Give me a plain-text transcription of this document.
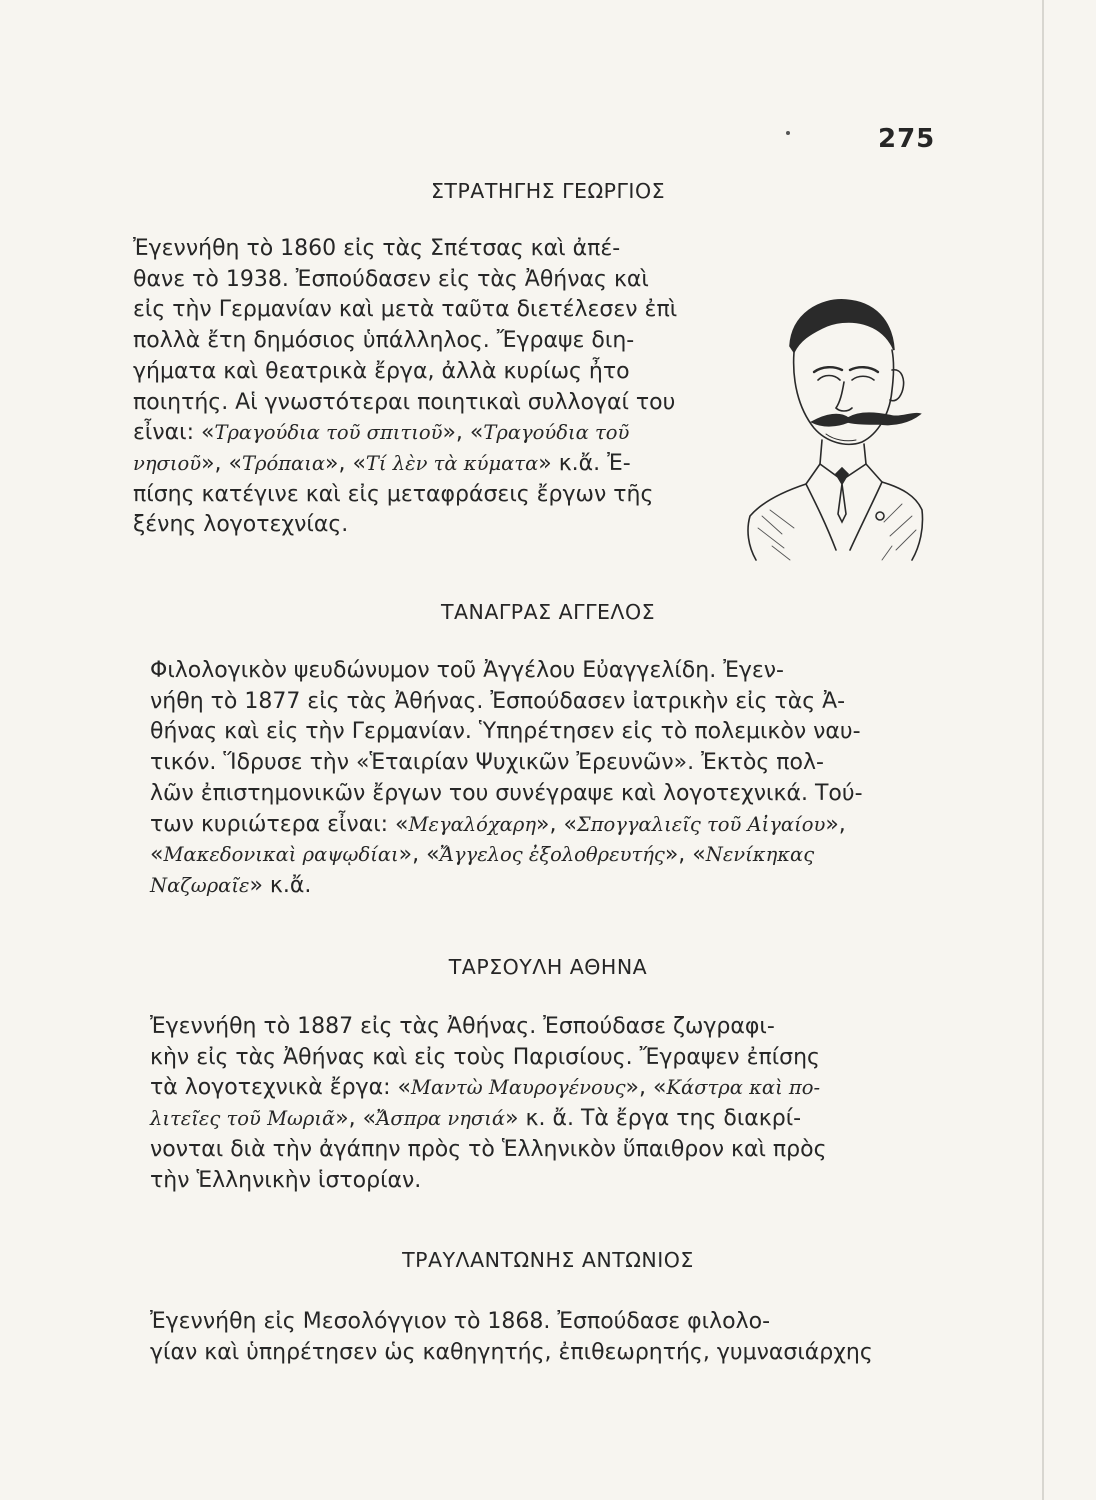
275
ΣΤΡΑΤΗΓΗΣ ΓΕΩΡΓΙΟΣ
Ἐγεννήθη τὸ 1860 εἰς τὰς Σπέτσας καὶ ἀπέ-
θανε τὸ 1938. Ἐσπούδασεν εἰς τὰς Ἀθήνας καὶ
εἰς τὴν Γερμανίαν καὶ μετὰ ταῦτα διετέλεσεν ἐπὶ
πολλὰ ἔτη δημόσιος ὑπάλληλος. Ἔγραψε διη-
γήματα καὶ θεατρικὰ ἔργα, ἀλλὰ κυρίως ἦτο
ποιητής. Αἱ γνωστότεραι ποιητικαὶ συλλογαί του
εἶναι: «Τραγούδια τοῦ σπιτιοῦ», «Τραγούδια τοῦ
νησιοῦ», «Τρόπαια», «Τί λὲν τὰ κύματα» κ.ἄ. Ἐ-
πίσης κατέγινε καὶ εἰς μεταφράσεις ἔργων τῆς
ξένης λογοτεχνίας.
ΤΑΝΑΓΡΑΣ ΑΓΓΕΛΟΣ
Φιλολογικὸν ψευδώνυμον τοῦ Ἀγγέλου Εὐαγγελίδη. Ἐγεν-
νήθη τὸ 1877 εἰς τὰς Ἀθήνας. Ἐσπούδασεν ἰατρικὴν εἰς τὰς Ἀ-
θήνας καὶ εἰς τὴν Γερμανίαν. Ὑπηρέτησεν εἰς τὸ πολεμικὸν ναυ-
τικόν. Ἵδρυσε τὴν «Ἑταιρίαν Ψυχικῶν Ἐρευνῶν». Ἐκτὸς πολ-
λῶν ἐπιστημονικῶν ἔργων του συνέγραψε καὶ λογοτεχνικά. Τού-
των κυριώτερα εἶναι: «Μεγαλόχαρη», «Σπογγαλιεῖς τοῦ Αἰγαίου»,
«Μακεδονικαὶ ραψῳδίαι», «Ἄγγελος ἐξολοθρευτής», «Νενίκηκας
Ναζωραῖε» κ.ἄ.
ΤΑΡΣΟΥΛΗ ΑΘΗΝΑ
Ἐγεννήθη τὸ 1887 εἰς τὰς Ἀθήνας. Ἐσπούδασε ζωγραφι-
κὴν εἰς τὰς Ἀθήνας καὶ εἰς τοὺς Παρισίους. Ἔγραψεν ἐπίσης
τὰ λογοτεχνικὰ ἔργα: «Μαντὼ Μαυρογένους», «Κάστρα καὶ πο-
λιτεῖες τοῦ Μωριᾶ», «Ἄσπρα νησιά» κ. ἄ. Τὰ ἔργα της διακρί-
νονται διὰ τὴν ἀγάπην πρὸς τὸ Ἑλληνικὸν ὕπαιθρον καὶ πρὸς
τὴν Ἑλληνικὴν ἱστορίαν.
ΤΡΑΥΛΑΝΤΩΝΗΣ ΑΝΤΩΝΙΟΣ
Ἐγεννήθη εἰς Μεσολόγγιον τὸ 1868. Ἐσπούδασε φιλολο-
γίαν καὶ ὑπηρέτησεν ὡς καθηγητής, ἐπιθεωρητής, γυμνασιάρχης
